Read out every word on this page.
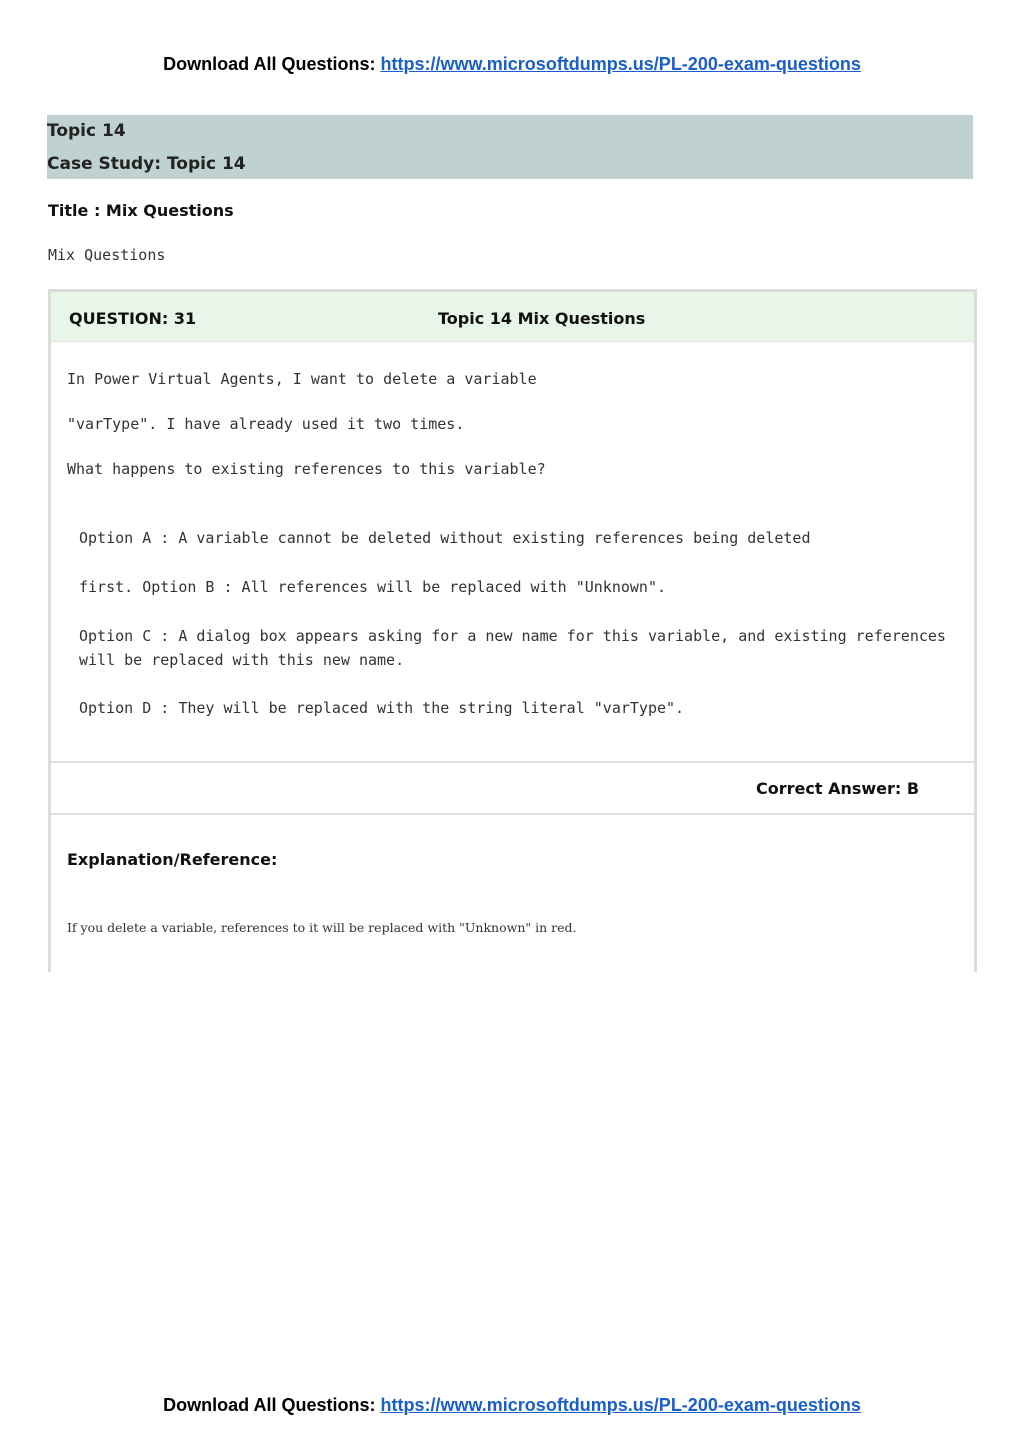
Download All Questions: https://www.microsoftdumps.us/PL-200-exam-questions
Topic 14
Case Study: Topic 14
Title : Mix Questions
Mix Questions
QUESTION: 31	Topic 14 Mix Questions
In Power Virtual Agents, I want to delete a variable
"varType". I have already used it two times.
What happens to existing references to this variable?
Option A : A variable cannot be deleted without existing references being deleted
first. Option B : All references will be replaced with "Unknown".
Option C : A dialog box appears asking for a new name for this variable, and existing references
will be replaced with this new name.
Option D : They will be replaced with the string literal "varType".
Correct Answer: B
Explanation/Reference:
If you delete a variable, references to it will be replaced with "Unknown" in red.
Download All Questions: https://www.microsoftdumps.us/PL-200-exam-questions
